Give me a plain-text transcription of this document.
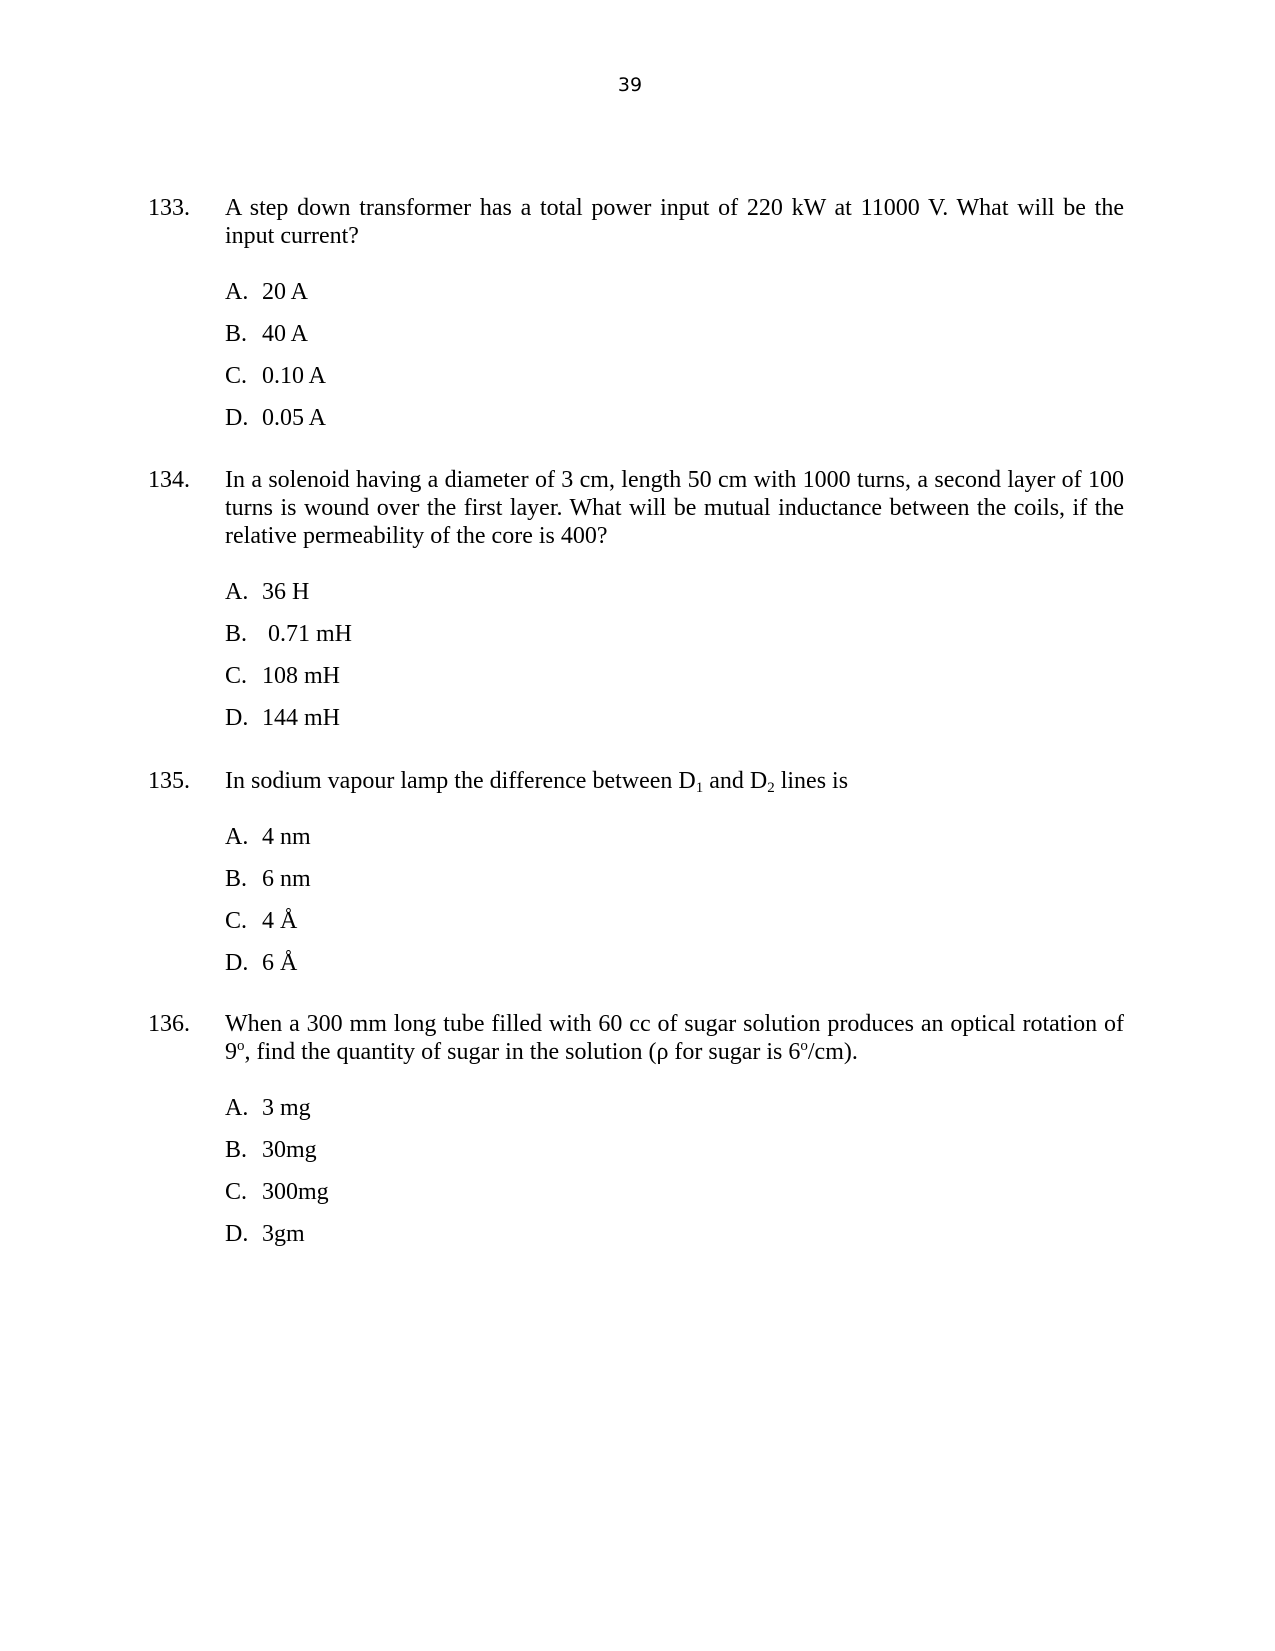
39
133. A step down transformer has a total power input of 220 kW at 11000 V. What will be the input current?
A. 20 A
B. 40 A
C. 0.10 A
D. 0.05 A
134. In a solenoid having a diameter of 3 cm, length 50 cm with 1000 turns, a second layer of 100 turns is wound over the first layer. What will be mutual inductance between the coils, if the relative permeability of the core is 400?
A. 36 H
B. 0.71 mH
C. 108 mH
D. 144 mH
135. In sodium vapour lamp the difference between $D_1$ and $D_2$ lines is
A. 4 nm
B. 6 nm
C. 4 Å
D. 6 Å
136. When a 300 mm long tube filled with 60 cc of sugar solution produces an optical rotation of 9$^o$, find the quantity of sugar in the solution (ρ for sugar is 6$^o$/cm).
A. 3 mg
B. 30mg
C. 300mg
D. 3gm
